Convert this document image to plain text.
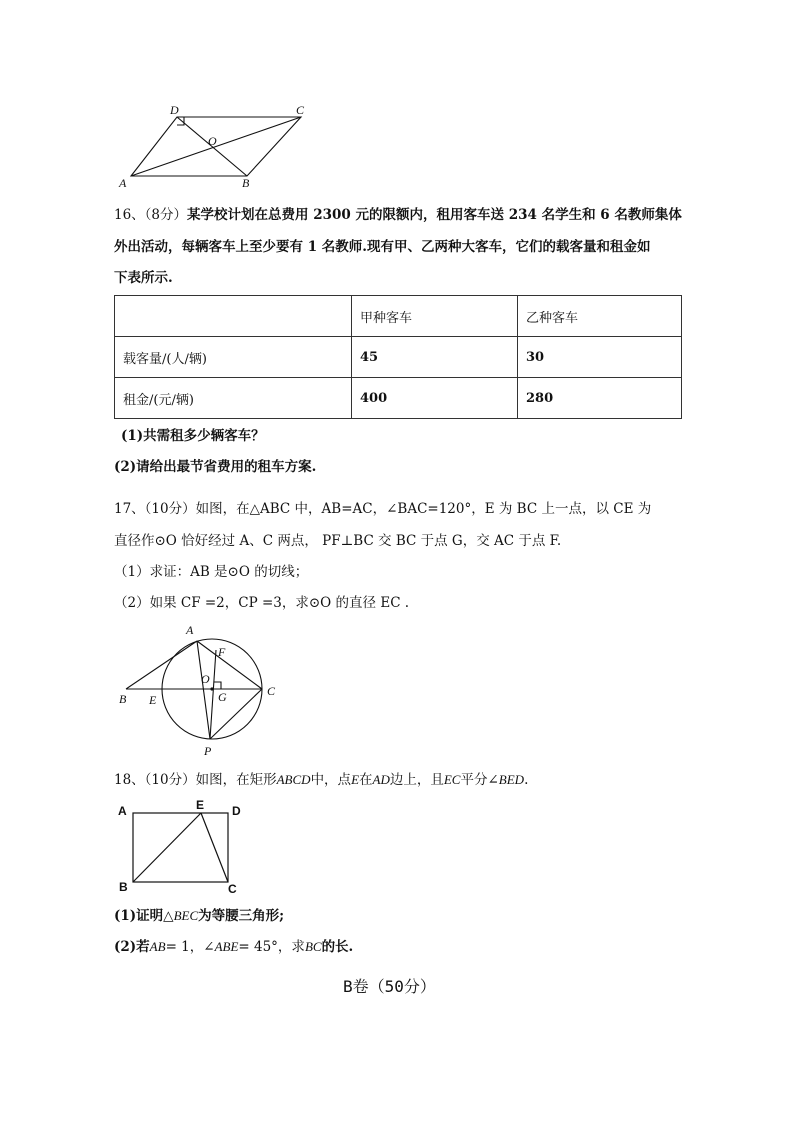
A	B
C
D
O
16、（8分）某学校计划在总费用 2300 元的限额内，租用客车送 234 名学生和 6 名教师集体
外出活动，每辆客车上至少要有 1 名教师.现有甲、乙两种大客车，它们的载客量和租金如
下表所示.
	甲种客车	乙种客车
载客量/(人/辆)	45	30
租金/(元/辆)	400	280
(1)共需租多少辆客车？
(2)请给出最节省费用的租车方案.
17、（10分）如图，在△ABC 中，AB=AC，∠BAC=120°，E 为 BC 上一点，以 CE 为
直径作⊙O 恰好经过 A、C 两点， PF⊥BC 交 BC 于点 G，交 AC 于点 F.
（1）求证：AB 是⊙O 的切线；
（2）如果 CF =2，CP =3，求⊙O 的直径 EC .
A
B
C
E
F
G
O
P
18、（10分）如图，在矩形ABCD中，点E在AD边上，且EC平分∠BED.
A
B	C
D
E
(1)证明△BEC为等腰三角形;
(2)若AB= 1，∠ABE= 45°，求BC的长.
B卷（50分）
